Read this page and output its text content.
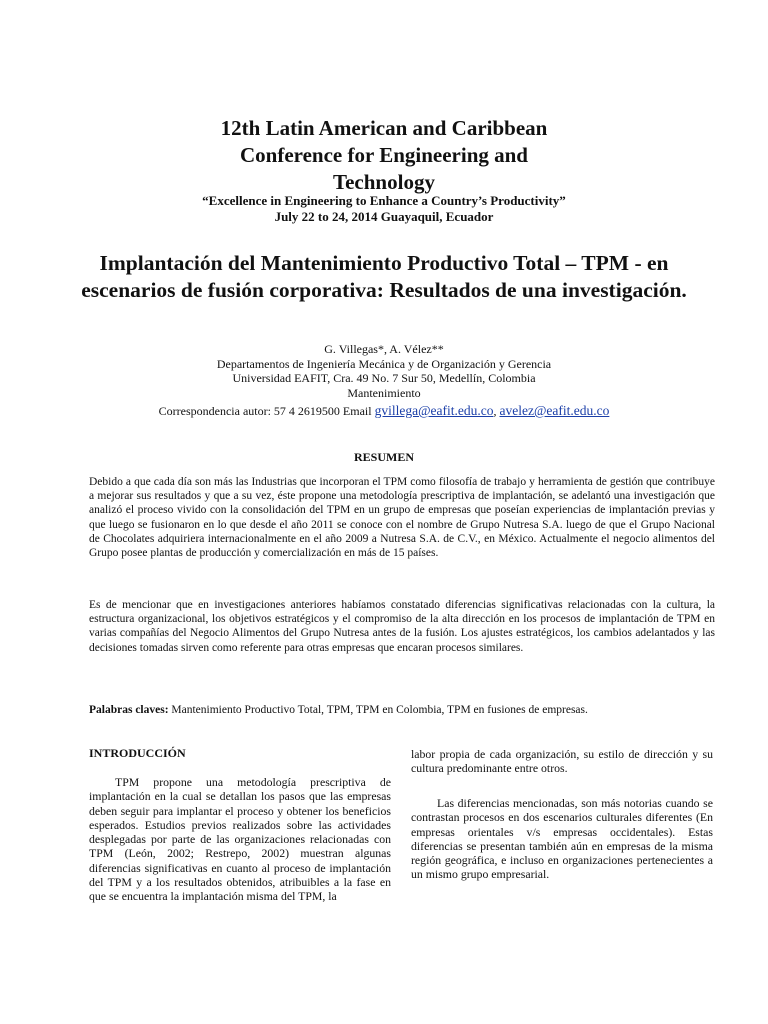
12th Latin American and Caribbean
Conference for Engineering and
Technology
“Excellence in Engineering to Enhance a Country’s Productivity”
July 22 to 24, 2014 Guayaquil, Ecuador
Implantación del Mantenimiento Productivo Total – TPM - en escenarios de fusión corporativa: Resultados de una investigación.
G. Villegas*, A. Vélez**
Departamentos de Ingeniería Mecánica y de Organización y Gerencia
Universidad EAFIT, Cra. 49 No. 7 Sur 50, Medellín, Colombia
Mantenimiento
Correspondencia autor: 57 4 2619500 Email gvillega@eafit.edu.co, avelez@eafit.edu.co
RESUMEN

Debido a que cada día son más las Industrias que incorporan el TPM como filosofía de trabajo y herramienta de gestión que contribuye a mejorar sus resultados y que a su vez, éste propone una metodología prescriptiva de implantación, se adelantó una investigación que analizó el proceso vivido con la consolidación del TPM en un grupo de empresas que poseían experiencias de implantación previas y que luego se fusionaron en lo que desde el año 2011 se conoce con el nombre de Grupo Nutresa S.A. luego de que el Grupo Nacional de Chocolates adquiriera internacionalmente en el año 2009 a Nutresa S.A. de C.V., en México. Actualmente el negocio alimentos del Grupo posee plantas de producción y comercialización en más de 15 países.

Es de mencionar que en investigaciones anteriores habíamos constatado diferencias significativas relacionadas con la cultura, la estructura organizacional, los objetivos estratégicos y el compromiso de la alta dirección en los procesos de implantación de TPM en varias compañías del Negocio Alimentos del Grupo Nutresa antes de la fusión. Los ajustes estratégicos, los cambios adelantados y las decisiones tomadas sirven como referente para otras empresas que encaran procesos similares.

Palabras claves: Mantenimiento Productivo Total, TPM, TPM en Colombia, TPM en fusiones de empresas.

INTRODUCCIÓN

TPM propone una metodología prescriptiva de implantación en la cual se detallan los pasos que las empresas deben seguir para implantar el proceso y obtener los beneficios esperados. Estudios previos realizados sobre las actividades desplegadas por parte de las organizaciones relacionadas con TPM (León, 2002; Restrepo, 2002) muestran algunas diferencias significativas en cuanto al proceso de implantación del TPM y a los resultados obtenidos, atribuibles a la fase en que se encuentra la implantación misma del TPM, la

labor propia de cada organización, su estilo de dirección y su cultura predominante entre otros.

Las diferencias mencionadas, son más notorias cuando se contrastan procesos en dos escenarios culturales diferentes (En empresas orientales v/s empresas occidentales). Estas diferencias se presentan también aún en empresas de la misma región geográfica, e incluso en organizaciones pertenecientes a un mismo grupo empresarial.
